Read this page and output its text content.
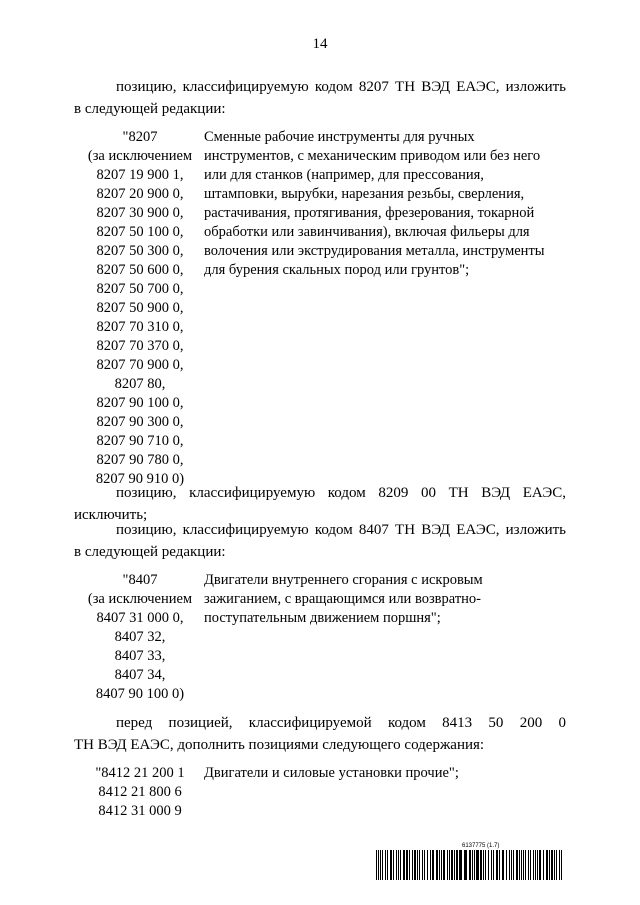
14
позицию, классифицируемую кодом 8207 ТН ВЭД ЕАЭС, изложить
в следующей редакции:
"8207
(за исключением
8207 19 900 1,
8207 20 900 0,
8207 30 900 0,
8207 50 100 0,
8207 50 300 0,
8207 50 600 0,
8207 50 700 0,
8207 50 900 0,
8207 70 310 0,
8207 70 370 0,
8207 70 900 0,
8207 80,
8207 90 100 0,
8207 90 300 0,
8207 90 710 0,
8207 90 780 0,
8207 90 910 0)
Сменные рабочие инструменты для ручных
инструментов, с механическим приводом или без него
или для станков (например, для прессования,
штамповки, вырубки, нарезания резьбы, сверления,
растачивания, протягивания, фрезерования, токарной
обработки или завинчивания), включая фильеры для
волочения или экструдирования металла, инструменты
для бурения скальных пород или грунтов";
позицию, классифицируемую кодом 8209 00 ТН ВЭД ЕАЭС,
исключить;
позицию, классифицируемую кодом 8407 ТН ВЭД ЕАЭС, изложить
в следующей редакции:
"8407
(за исключением
8407 31 000 0,
8407 32,
8407 33,
8407 34,
8407 90 100 0)
Двигатели внутреннего сгорания с искровым
зажиганием, с вращающимся или возвратно-
поступательным движением поршня";
перед позицией, классифицируемой кодом 8413 50 200 0
ТН ВЭД ЕАЭС, дополнить позициями следующего содержания:
"8412 21 200 1
8412 21 800 6
8412 31 000 9
Двигатели и силовые установки прочие";
6137775 (1.7)
